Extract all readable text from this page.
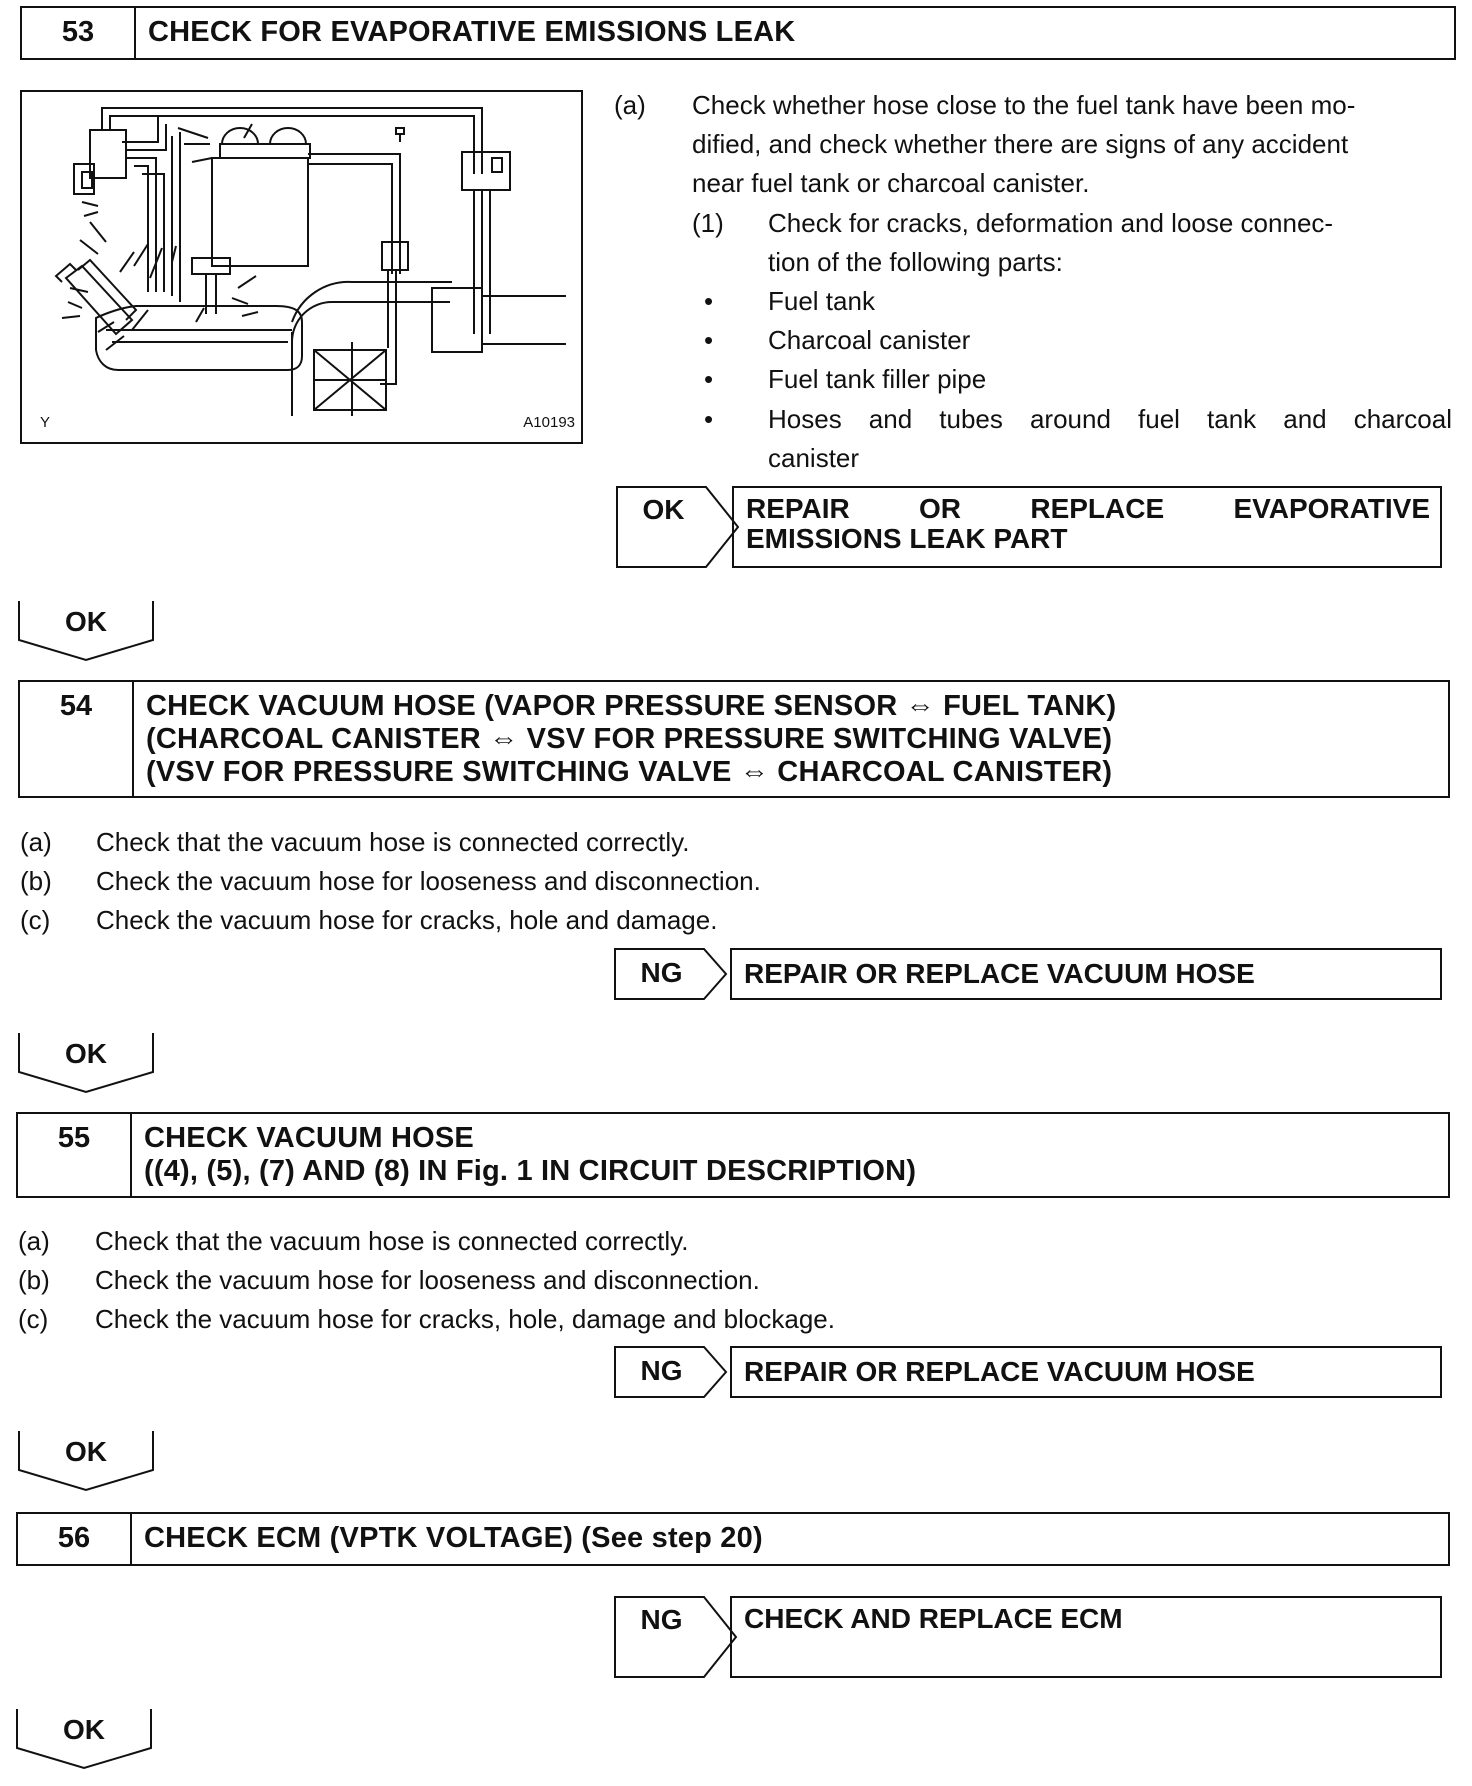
53	CHECK FOR EVAPORATIVE EMISSIONS LEAK
Y	A10193
(a) Check whether hose close to the fuel tank have been mo-
dified, and check whether there are signs of any accident
near fuel tank or charcoal canister.
(1) Check for cracks, deformation and loose connec-
tion of the following parts:
• Fuel tank
• Charcoal canister
• Fuel tank filler pipe
• Hoses and tubes around fuel tank and charcoal
canister
OK	REPAIR OR REPLACE EVAPORATIVE
EMISSIONS LEAK PART
OK
54	CHECK VACUUM HOSE (VAPOR PRESSURE SENSOR ⇔ FUEL TANK)
(CHARCOAL CANISTER ⇔ VSV FOR PRESSURE SWITCHING VALVE)
(VSV FOR PRESSURE SWITCHING VALVE ⇔ CHARCOAL CANISTER)
(a) Check that the vacuum hose is connected correctly.
(b) Check the vacuum hose for looseness and disconnection.
(c) Check the vacuum hose for cracks, hole and damage.
NG	REPAIR OR REPLACE VACUUM HOSE
OK
55	CHECK VACUUM HOSE
((4), (5), (7) AND (8) IN Fig. 1 IN CIRCUIT DESCRIPTION)
(a) Check that the vacuum hose is connected correctly.
(b) Check the vacuum hose for looseness and disconnection.
(c) Check the vacuum hose for cracks, hole, damage and blockage.
NG	REPAIR OR REPLACE VACUUM HOSE
OK
56	CHECK ECM (VPTK VOLTAGE) (See step 20)
NG	CHECK AND REPLACE ECM
OK
